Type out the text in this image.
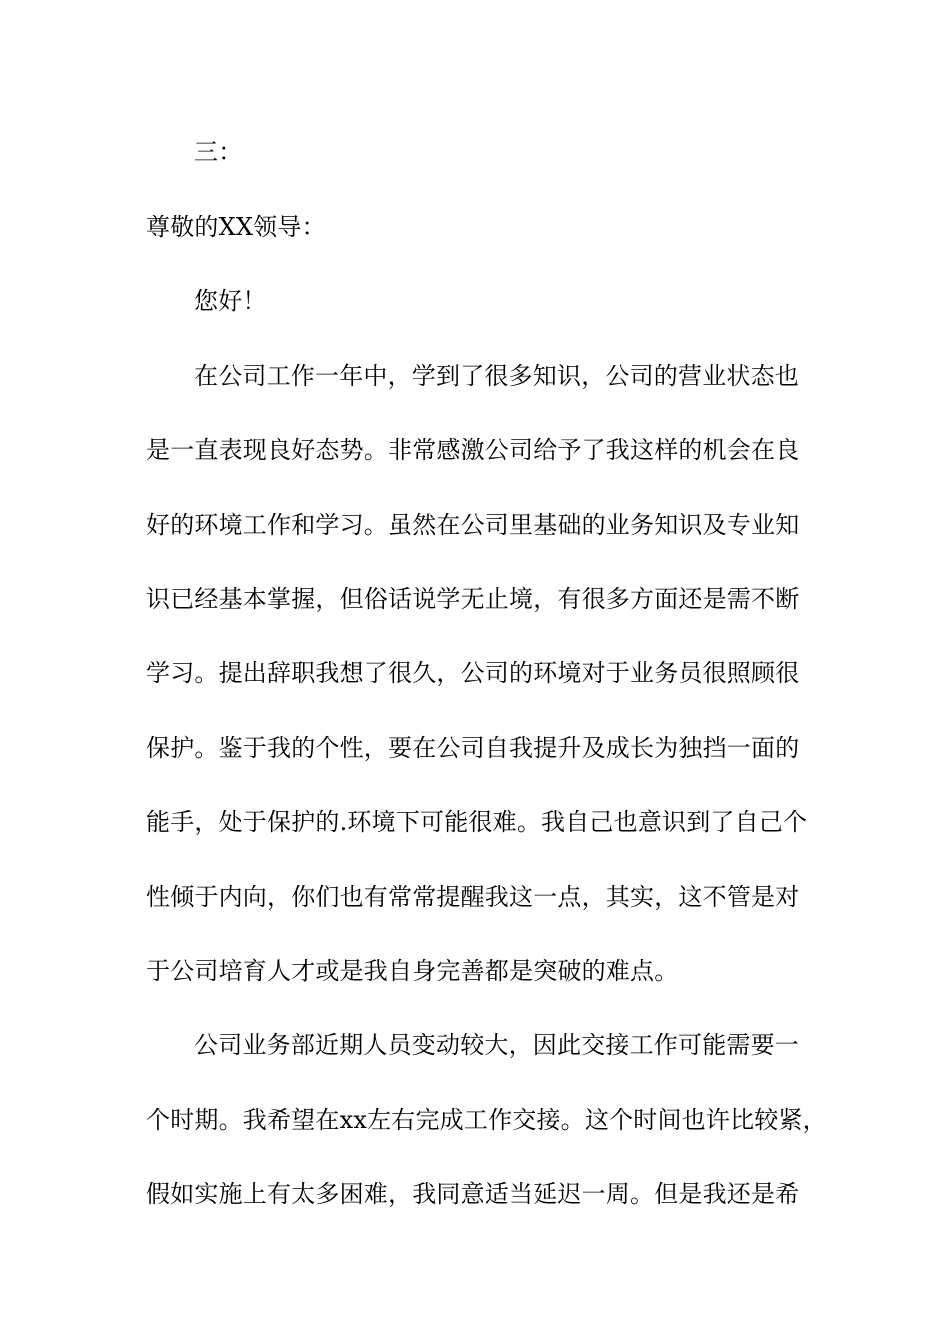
三：
尊敬的XX领导：
您好！
在公司工作一年中，学到了很多知识，公司的营业状态也
是一直表现良好态势。非常感激公司给予了我这样的机会在良
好的环境工作和学习。虽然在公司里基础的业务知识及专业知
识已经基本掌握，但俗话说学无止境，有很多方面还是需不断
学习。提出辞职我想了很久，公司的环境对于业务员很照顾很
保护。鉴于我的个性，要在公司自我提升及成长为独挡一面的
能手，处于保护的.环境下可能很难。我自己也意识到了自己个
性倾于内向，你们也有常常提醒我这一点，其实，这不管是对
于公司培育人才或是我自身完善都是突破的难点。
公司业务部近期人员变动较大，因此交接工作可能需要一
个时期。我希望在xx左右完成工作交接。这个时间也许比较紧，
假如实施上有太多困难，我同意适当延迟一周。但是我还是希
